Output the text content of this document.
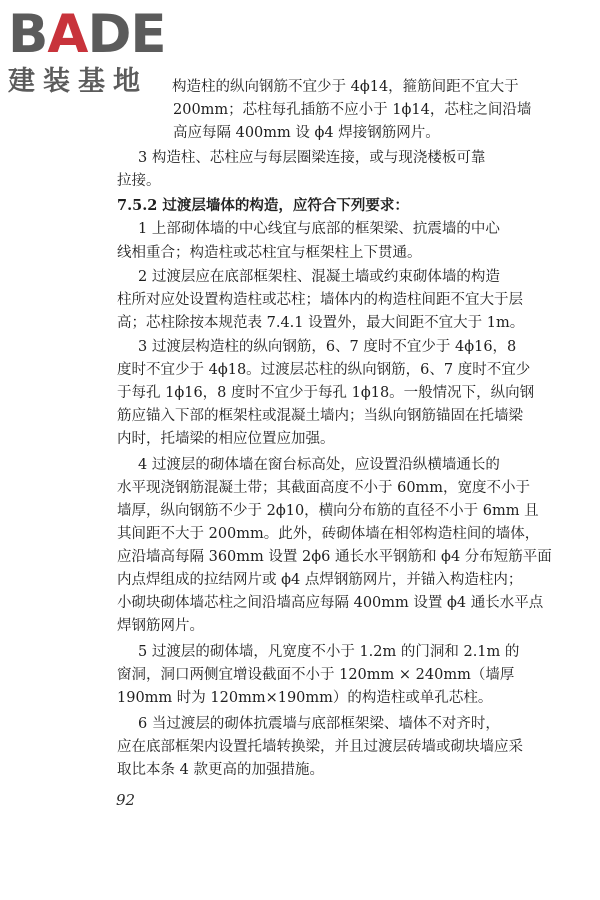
BADE
建装基地 构造柱的纵向钢筋不宜少于 4ϕ14，箍筋间距不宜大于
200mm；芯柱每孔插筋不应小于 1ϕ14，芯柱之间沿墙
高应每隔 400mm 设 ϕ4 焊接钢筋网片。
3 构造柱、芯柱应与每层圈梁连接，或与现浇楼板可靠
拉接。
7.5.2 过渡层墙体的构造，应符合下列要求：
1 上部砌体墙的中心线宜与底部的框架梁、抗震墙的中心
线相重合；构造柱或芯柱宜与框架柱上下贯通。
2 过渡层应在底部框架柱、混凝土墙或约束砌体墙的构造
柱所对应处设置构造柱或芯柱；墙体内的构造柱间距不宜大于层
高；芯柱除按本规范表 7.4.1 设置外，最大间距不宜大于 1m。
3 过渡层构造柱的纵向钢筋，6、7 度时不宜少于 4ϕ16，8
度时不宜少于 4ϕ18。过渡层芯柱的纵向钢筋，6、7 度时不宜少
于每孔 1ϕ16，8 度时不宜少于每孔 1ϕ18。一般情况下，纵向钢
筋应锚入下部的框架柱或混凝土墙内；当纵向钢筋锚固在托墙梁
内时，托墙梁的相应位置应加强。
4 过渡层的砌体墙在窗台标高处，应设置沿纵横墙通长的
水平现浇钢筋混凝土带；其截面高度不小于 60mm，宽度不小于
墙厚，纵向钢筋不少于 2ϕ10，横向分布筋的直径不小于 6mm 且
其间距不大于 200mm。此外，砖砌体墙在相邻构造柱间的墙体，
应沿墙高每隔 360mm 设置 2ϕ6 通长水平钢筋和 ϕ4 分布短筋平面
内点焊组成的拉结网片或 ϕ4 点焊钢筋网片，并锚入构造柱内；
小砌块砌体墙芯柱之间沿墙高应每隔 400mm 设置 ϕ4 通长水平点
焊钢筋网片。
5 过渡层的砌体墙，凡宽度不小于 1.2m 的门洞和 2.1m 的
窗洞，洞口两侧宜增设截面不小于 120mm × 240mm（墙厚
190mm 时为 120mm×190mm）的构造柱或单孔芯柱。
6 当过渡层的砌体抗震墙与底部框架梁、墙体不对齐时，
应在底部框架内设置托墙转换梁，并且过渡层砖墙或砌块墙应采
取比本条 4 款更高的加强措施。
92
